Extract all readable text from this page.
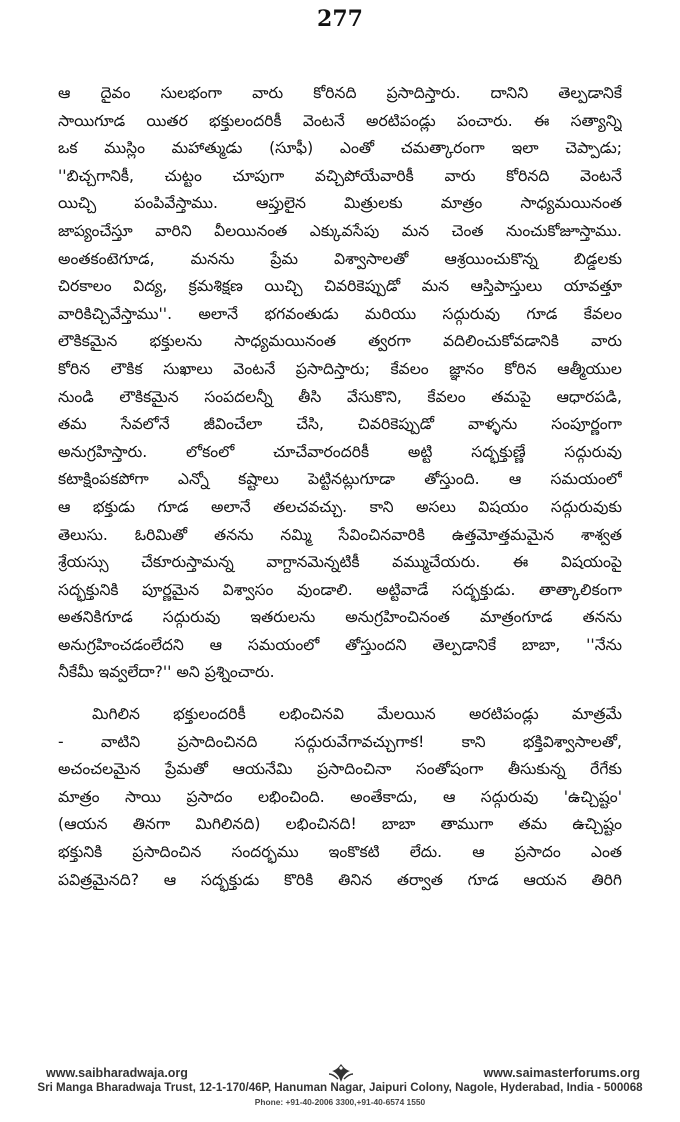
277
ఆ దైవం సులభంగా వారు కోరినది ప్రసాదిస్తారు. దానిని తెల్పడానికే
సాయిగూడ యితర భక్తులందరికీ వెంటనే అరటిపండ్లు పంచారు. ఈ సత్యాన్ని
ఒక ముస్లిం మహాత్ముడు (సూఫీ) ఎంతో చమత్కారంగా ఇలా చెప్పాడు;
''బిచ్చగానికీ, చుట్టం చూపుగా వచ్చిపోయేవారికీ వారు కోరినది వెంటనే
యిచ్చి పంపివేస్తాము. ఆప్తులైన మిత్రులకు మాత్రం సాధ్యమయినంత
జాప్యంచేస్తూ వారిని వీలయినంత ఎక్కువసేపు మన చెంత నుంచుకోజూస్తాము.
అంతకంటెగూడ, మనను ప్రేమ విశ్వాసాలతో ఆశ్రయించుకొన్న బిడ్డలకు
చిరకాలం విద్య, క్రమశిక్షణ యిచ్చి చివరికెప్పుడో మన ఆస్తిపాస్తులు యావత్తూ
వారికిచ్చివేస్తాము''. అలానే భగవంతుడు మరియు సద్గురువు గూడ కేవలం
లౌకికమైన భక్తులను సాధ్యమయినంత త్వరగా వదిలించుకోవడానికి వారు
కోరిన లౌకిక సుఖాలు వెంటనే ప్రసాదిస్తారు; కేవలం జ్ఞానం కోరిన ఆత్మీయుల
నుండి లౌకికమైన సంపదలన్నీ తీసి వేసుకొని, కేవలం తమపై ఆధారపడి,
తమ సేవలోనే జీవించేలా చేసి, చివరికెప్పుడో వాళ్ళను సంపూర్ణంగా
అనుగ్రహిస్తారు. లోకంలో చూచేవారందరికీ అట్టి సద్భక్తుణ్ణే సద్గురువు
కటాక్షింపకపోగా ఎన్నో కష్టాలు పెట్టినట్లుగూడా తోస్తుంది. ఆ సమయంలో
ఆ భక్తుడు గూడ అలానే తలచవచ్చు. కాని అసలు విషయం సద్గురువుకు
తెలుసు. ఓరిమితో తనను నమ్మి సేవించినవారికి ఉత్తమోత్తమమైన శాశ్వత
శ్రేయస్సు చేకూరుస్తామన్న వాగ్దానమెన్నటికీ వమ్ముచేయరు. ఈ విషయంపై
సద్భక్తునికి పూర్ణమైన విశ్వాసం వుండాలి. అట్టివాడే సద్భక్తుడు. తాత్కాలికంగా
అతనికిగూడ సద్గురువు ఇతరులను అనుగ్రహించినంత మాత్రంగూడ తనను
అనుగ్రహించడంలేదని ఆ సమయంలో తోస్తుందని తెల్పడానికే బాబా, ''నేను
నీకేమీ ఇవ్వలేదా?'' అని ప్రశ్నించారు.
మిగిలిన భక్తులందరికీ లభించినవి మేలయిన అరటిపండ్లు మాత్రమే
- వాటిని ప్రసాదించినది సద్గురువేగావచ్చుగాక! కాని భక్తివిశ్వాసాలతో,
అచంచలమైన ప్రేమతో ఆయనేమి ప్రసాదించినా సంతోషంగా తీసుకున్న రేగేకు
మాత్రం సాయి ప్రసాదం లభించింది. అంతేకాదు, ఆ సద్గురువు 'ఉచ్చిష్టం'
(ఆయన తినగా మిగిలినది) లభించినది! బాబా తాముగా తమ ఉచ్చిష్టం
భక్తునికి ప్రసాదించిన సందర్భము ఇంకొకటి లేదు. ఆ ప్రసాదం ఎంత
పవిత్రమైనది? ఆ సద్భక్తుడు కొరికి తినిన తర్వాత గూడ ఆయన తిరిగి
www.saibharadwaja.org	www.saimasterforums.org
Sri Manga Bharadwaja Trust, 12-1-170/46P, Hanuman Nagar, Jaipuri Colony, Nagole, Hyderabad, India - 500068
Phone: +91-40-2006 3300,+91-40-6574 1550
